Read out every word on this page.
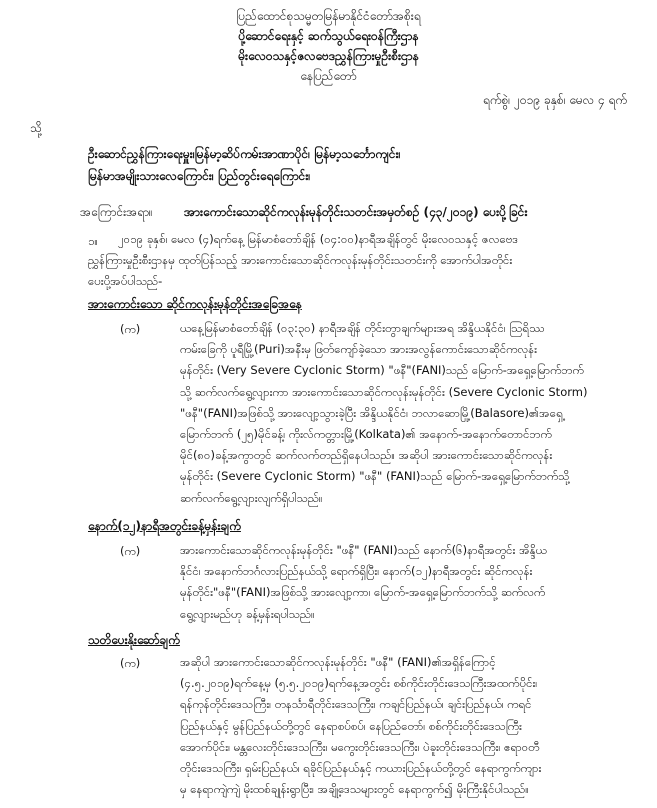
ပြည်ထောင်စုသမ္မတမြန်မာနိုင်ငံတော်အစိုးရ
ပို့ဆောင်ရေးနှင့် ဆက်သွယ်ရေးဝန်ကြီးဌာန
မိုးလေဝသနှင့်ဇလဗေဒညွှန်ကြားမှုဦးစီးဌာန
နေပြည်တော်
ရက်စွဲ၊ ၂၀၁၉ ခုနှစ်၊ မေလ ၄ ရက်
သို့
ဦးဆောင်ညွှန်ကြားရေးမှူး၊မြန်မာ့ဆိပ်ကမ်းအာဏာပိုင်၊ မြန်မာ့သင်္ဘောကျင်း၊
မြန်မာအမျိုးသားလေကြောင်း၊ ပြည်တွင်းရေကြောင်း၊
အကြောင်းအရာ။	အားကောင်းသောဆိုင်ကလုန်းမုန်တိုင်းသတင်းအမှတ်စဉ် (၄၃/၂၀၁၉) ပေးပို့ခြင်း
၁။ ၂၀၁၉ ခုနှစ်၊ မေလ (၄)ရက်နေ့ မြန်မာစံတော်ချိန် (၀၄:၀၀)နာရီအချိန်တွင် မိုးလေဝသနှင့် ဇလဗေဒ
ညွှန်ကြားမှုဦးစီးဌာနမှ ထုတ်ပြန်သည့် အားကောင်းသောဆိုင်ကလုန်းမုန်တိုင်းသတင်းကို အောက်ပါအတိုင်း
ပေးပို့အပ်ပါသည်-
အားကောင်းသော ဆိုင်ကလုန်းမုန်တိုင်းအခြေအနေ
(က)	ယနေ့မြန်မာစံတော်ချိန် (၀၃:၃၀) နာရီအချိန် တိုင်းတွာချက်များအရ အိန္ဒိယနိုင်ငံ၊ ဩရိဿ
ကမ်းခြေကို ပူရီမြို့(Puri)အနီးမှ ဖြတ်ကျော်ခဲ့သော အားအလွန်ကောင်းသောဆိုင်ကလုန်း
မုန်တိုင်း (Very Severe Cyclonic Storm) "ဖနီ"(FANI)သည် မြောက်-အရှေ့မြောက်ဘက်
သို့ ဆက်လက်ရွေ့လျားကာ အားကောင်းသောဆိုင်ကလုန်းမုန်တိုင်း (Severe Cyclonic Storm)
"ဖနီ"(FANI)အဖြစ်သို့ အားလျော့သွားခဲ့ပြီး အိန္ဒိယနိုင်ငံ၊ ဘလာဆောမြို့(Balasore)၏အရှေ့
မြောက်ဘက် (၂၅)မိုင်ခန့်၊ ကိုးလ်ကတ္တားမြို့(Kolkata)၏ အနောက်-အနောက်တောင်ဘက်
မိုင်(၈၀)ခန့်အကွာတွင် ဆက်လက်တည်ရှိနေပါသည်။ အဆိုပါ အားကောင်းသောဆိုင်ကလုန်း
မုန်တိုင်း (Severe Cyclonic Storm) "ဖနီ" (FANI)သည် မြောက်-အရှေ့မြောက်ဘက်သို့
ဆက်လက်ရွေ့လျားလျက်ရှိပါသည်။
နောက်(၁၂)နာရီအတွင်းခန့်မှန်းချက်
(က)	အားကောင်းသောဆိုင်ကလုန်းမုန်တိုင်း "ဖနီ" (FANI)သည် နောက်(၆)နာရီအတွင်း အိန္ဒိယ
နိုင်ငံ၊ အနောက်ဘင်္ဂလားပြည်နယ်သို့ ရောက်ရှိပြီး၊ နောက်(၁၂)နာရီအတွင်း ဆိုင်ကလုန်း
မုန်တိုင်း"ဖနီ"(FANI)အဖြစ်သို့ အားလျော့ကာ၊ မြောက်-အရှေ့မြောက်ဘက်သို့ ဆက်လက်
ရွေ့လျားမည်ဟု ခန့်မှန်းရပါသည်။
သတိပေးနိုးဆော်ချက်
(က)	အဆိုပါ အားကောင်းသောဆိုင်ကလုန်းမုန်တိုင်း "ဖနီ" (FANI)၏အရှိန်ကြောင့်
(၄.၅.၂၀၁၉)ရက်နေ့မှ (၅.၅.၂၀၁၉)ရက်နေ့အတွင်း စစ်ကိုင်းတိုင်းဒေသကြီးအထက်ပိုင်း၊
ရန်ကုန်တိုင်းဒေသကြီး၊ တနင်္သာရီတိုင်းဒေသကြီး၊ ကချင်ပြည်နယ်၊ ချင်းပြည်နယ်၊ ကရင်
ပြည်နယ်နှင့် မွန်ပြည်နယ်တို့တွင် နေရာစပ်စပ်၊ နေပြည်တော်၊ စစ်ကိုင်းတိုင်းဒေသကြီး
အောက်ပိုင်း၊ မန္တလေးတိုင်းဒေသကြီး၊ မကွေးတိုင်းဒေသကြီး၊ ပဲခူးတိုင်းဒေသကြီး၊ ဧရာဝတီ
တိုင်းဒေသကြီး၊ ရှမ်းပြည်နယ်၊ ရခိုင်ပြည်နယ်နှင့် ကယားပြည်နယ်တို့တွင် နေရာကွက်ကျား
မှ နေရာကျဲကျဲ မိုးထစ်ချုန်းရွာပြီး၊ အချို့ဒေသများတွင် နေရာကွက်၍ မိုးကြီးနိုင်ပါသည်။
